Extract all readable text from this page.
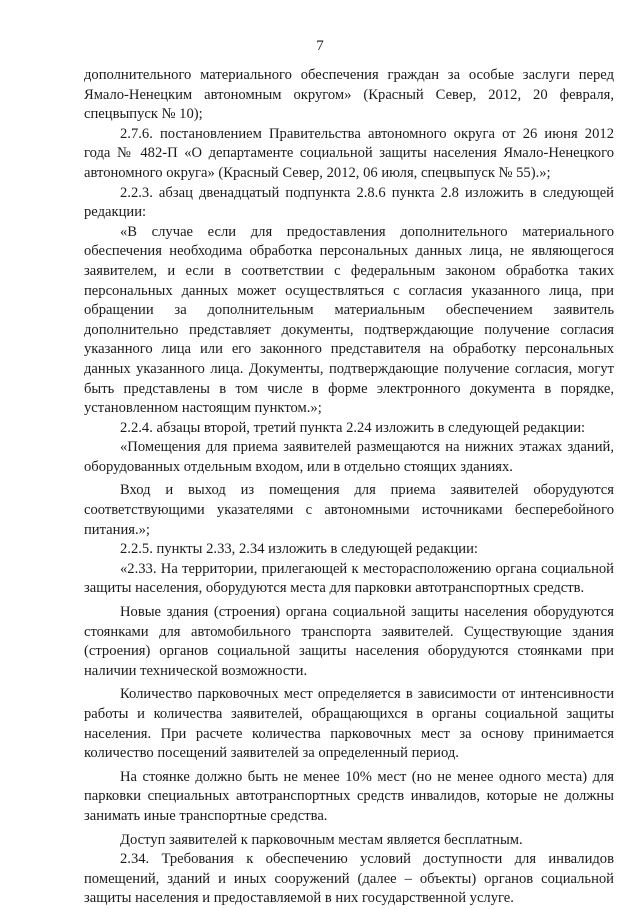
7

дополнительного материального обеспечения граждан за особые заслуги перед Ямало-Ненецким автономным округом» (Красный Север, 2012, 20 февраля, спецвыпуск № 10);

2.7.6. постановлением Правительства автономного округа от 26 июня 2012 года № 482-П «О департаменте социальной защиты населения Ямало-Ненецкого автономного округа» (Красный Север, 2012, 06 июля, спецвыпуск № 55).»;

2.2.3. абзац двенадцатый подпункта 2.8.6 пункта 2.8 изложить в следующей редакции:

«В случае если для предоставления дополнительного материального обеспечения необходима обработка персональных данных лица, не являющегося заявителем, и если в соответствии с федеральным законом обработка таких персональных данных может осуществляться с согласия указанного лица, при обращении за дополнительным материальным обеспечением заявитель дополнительно представляет документы, подтверждающие получение согласия указанного лица или его законного представителя на обработку персональных данных указанного лица. Документы, подтверждающие получение согласия, могут быть представлены в том числе в форме электронного документа в порядке, установленном настоящим пунктом.»;

2.2.4. абзацы второй, третий пункта 2.24 изложить в следующей редакции:

«Помещения для приема заявителей размещаются на нижних этажах зданий, оборудованных отдельным входом, или в отдельно стоящих зданиях.

Вход и выход из помещения для приема заявителей оборудуются соответствующими указателями с автономными источниками бесперебойного питания.»;

2.2.5. пункты 2.33, 2.34 изложить в следующей редакции:

«2.33. На территории, прилегающей к месторасположению органа социальной защиты населения, оборудуются места для парковки автотранспортных средств.

Новые здания (строения) органа социальной защиты населения оборудуются стоянками для автомобильного транспорта заявителей. Существующие здания (строения) органов социальной защиты населения оборудуются стоянками при наличии технической возможности.

Количество парковочных мест определяется в зависимости от интенсивности работы и количества заявителей, обращающихся в органы социальной защиты населения. При расчете количества парковочных мест за основу принимается количество посещений заявителей за определенный период.

На стоянке должно быть не менее 10% мест (но не менее одного места) для парковки специальных автотранспортных средств инвалидов, которые не должны занимать иные транспортные средства.

Доступ заявителей к парковочным местам является бесплатным.

2.34. Требования к обеспечению условий доступности для инвалидов помещений, зданий и иных сооружений (далее – объекты) органов социальной защиты населения и предоставляемой в них государственной услуге.
